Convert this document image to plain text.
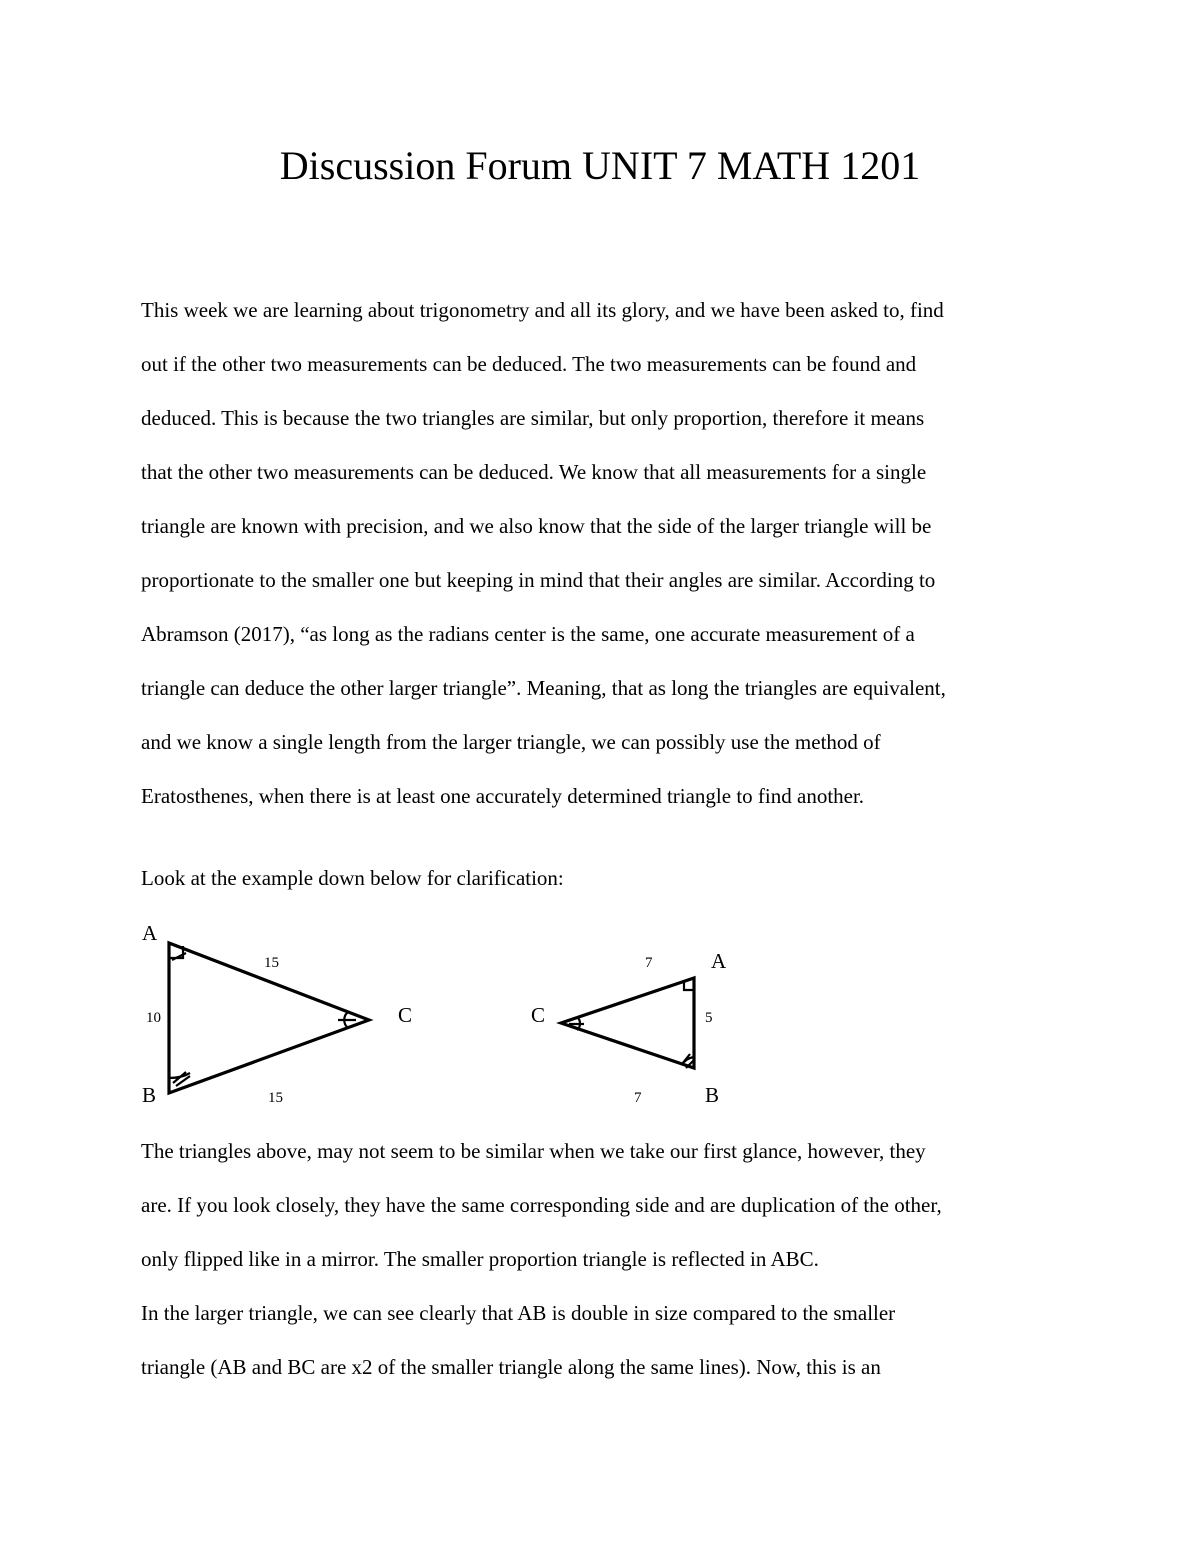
Discussion Forum UNIT 7 MATH 1201

This week we are learning about trigonometry and all its glory, and we have been asked to, find
out if the other two measurements can be deduced. The two measurements can be found and
deduced. This is because the two triangles are similar, but only proportion, therefore it means
that the other two measurements can be deduced. We know that all measurements for a single
triangle are known with precision, and we also know that the side of the larger triangle will be
proportionate to the smaller one but keeping in mind that their angles are similar. According to
Abramson (2017), “as long as the radians center is the same, one accurate measurement of a
triangle can deduce the other larger triangle”. Meaning, that as long the triangles are equivalent,
and we know a single length from the larger triangle, we can possibly use the method of
Eratosthenes, when there is at least one accurately determined triangle to find another.

Look at the example down below for clarification:

A
B
C
10
15
15
A
B
C	5
7
7

The triangles above, may not seem to be similar when we take our first glance, however, they
are. If you look closely, they have the same corresponding side and are duplication of the other,
only flipped like in a mirror. The smaller proportion triangle is reflected in ABC.

In the larger triangle, we can see clearly that AB is double in size compared to the smaller
triangle (AB and BC are x2 of the smaller triangle along the same lines). Now, this is an
